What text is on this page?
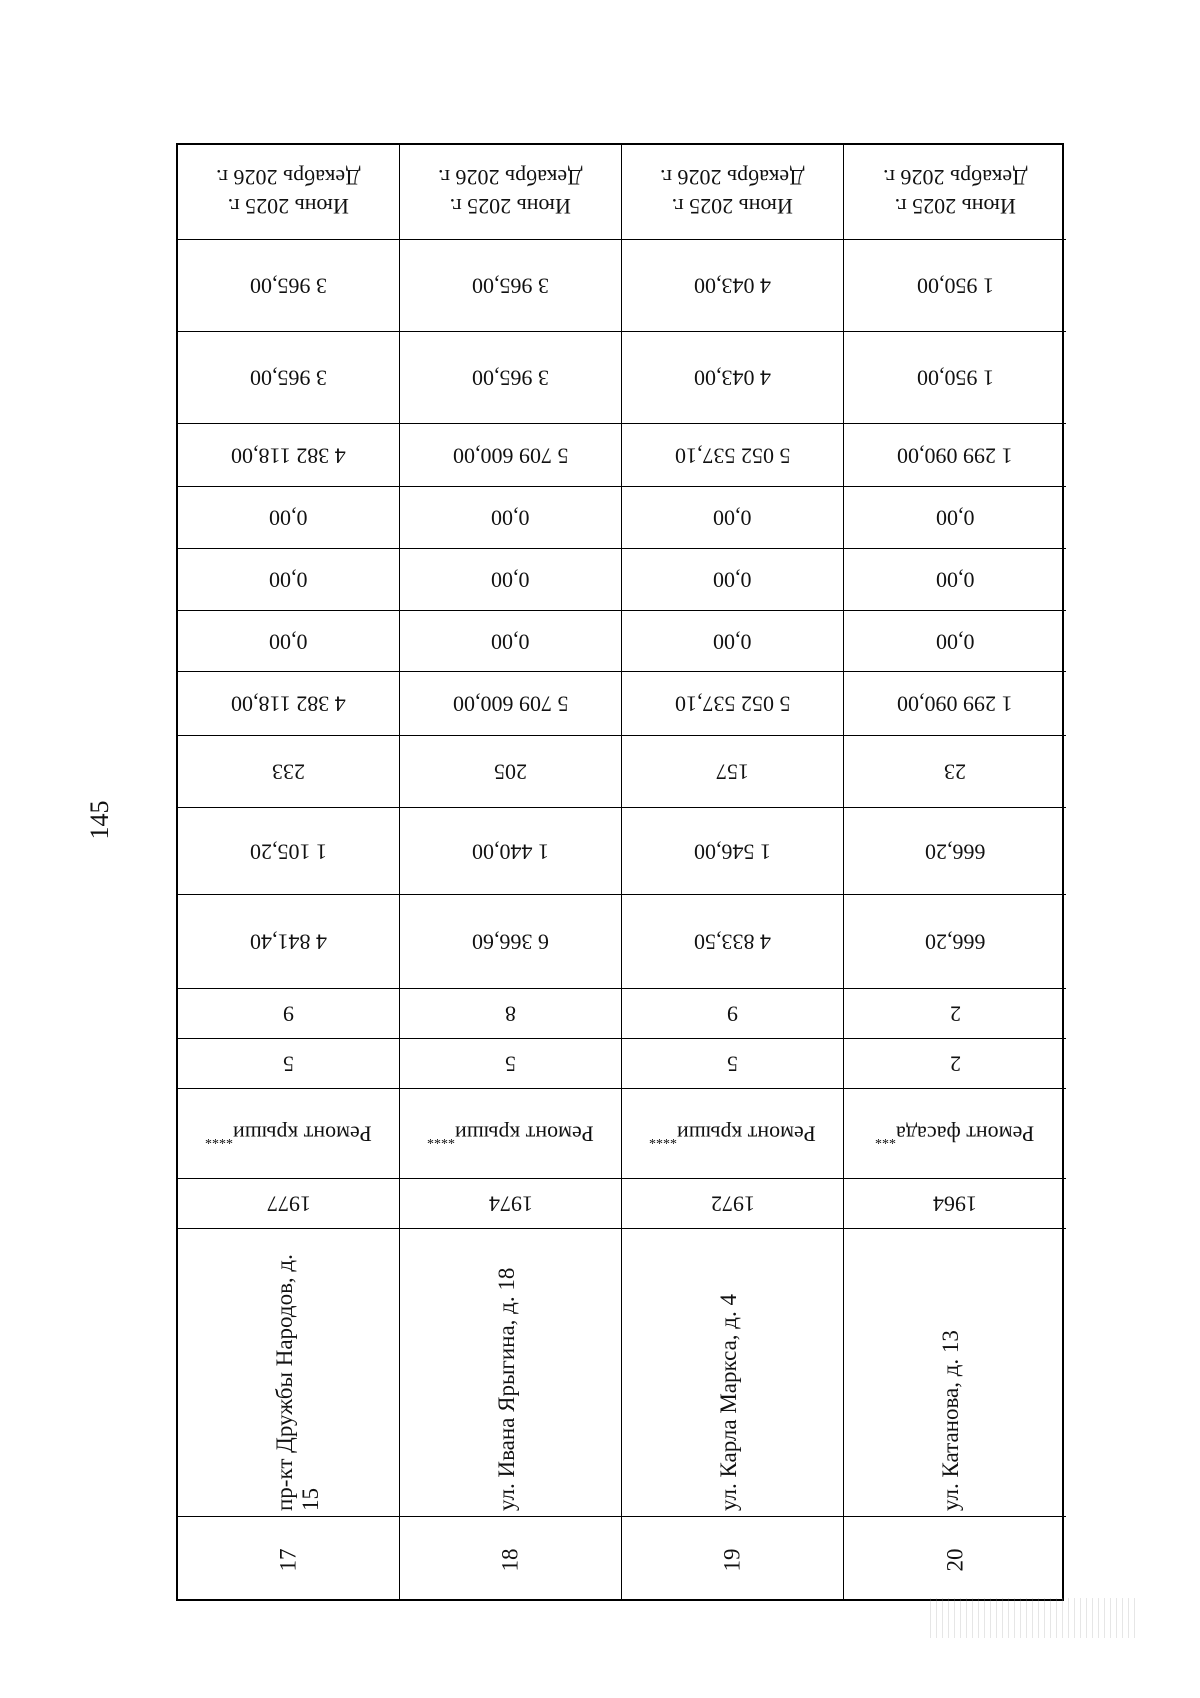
145
Июнь 2025 г.
Декабрь 2026 г.
3 965,00
3 965,00
4 382 118,00
0,00
0,00
0,00
4 382 118,00
233
1 105,20
4 841,40
9
5
Ремонт крыши****
1977
пр-кт Дружбы Народов, д. 15
17
Июнь 2025 г.
Декабрь 2026 г.
3 965,00
3 965,00
5 709 600,00
0,00
0,00
0,00
5 709 600,00
205
1 440,00
6 366,60
8
5
Ремонт крыши****
1974
ул. Ивана Ярыгина, д. 18
18
Июнь 2025 г.
Декабрь 2026 г.
4 043,00
4 043,00
5 052 537,10
0,00
0,00
0,00
5 052 537,10
157
1 546,00
4 833,50
9
5
Ремонт крыши****
1972
ул. Карла Маркса, д. 4
19
Июнь 2025 г.
Декабрь 2026 г.
1 950,00
1 950,00
1 299 090,00
0,00
0,00
0,00
1 299 090,00
23
666,20
666,20
2
2
Ремонт фасада***
1964
ул. Катанова, д. 13
20
